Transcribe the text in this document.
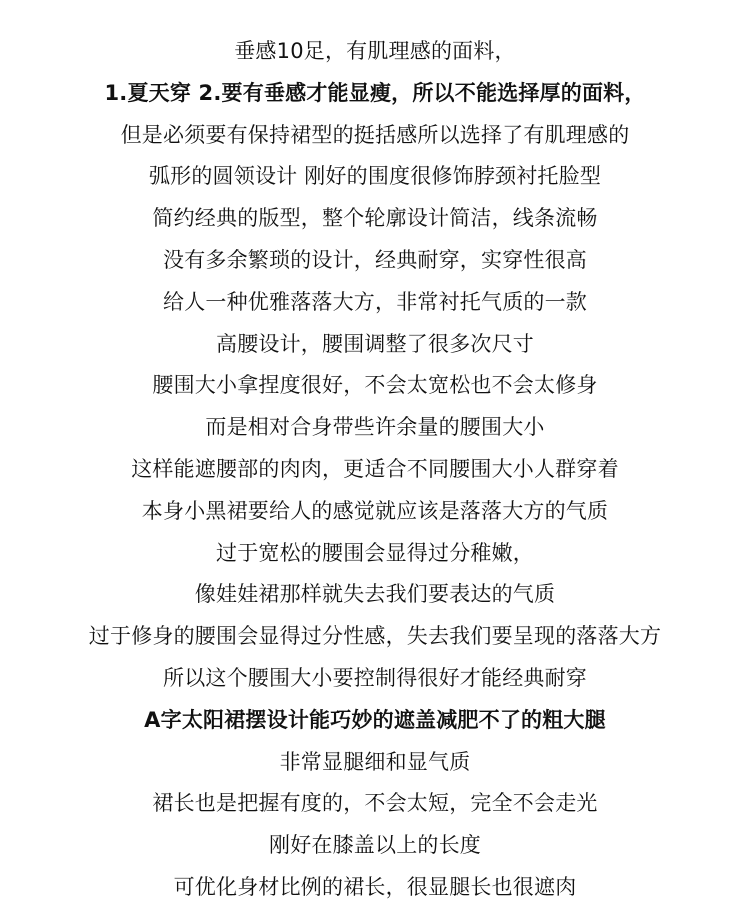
垂感10足，有肌理感的面料，
1.夏天穿 2.要有垂感才能显瘦，所以不能选择厚的面料，
但是必须要有保持裙型的挺括感所以选择了有肌理感的
弧形的圆领设计 刚好的围度很修饰脖颈衬托脸型
简约经典的版型，整个轮廓设计简洁，线条流畅
没有多余繁琐的设计，经典耐穿，实穿性很高
给人一种优雅落落大方，非常衬托气质的一款
高腰设计，腰围调整了很多次尺寸
腰围大小拿捏度很好，不会太宽松也不会太修身
而是相对合身带些许余量的腰围大小
这样能遮腰部的肉肉，更适合不同腰围大小人群穿着
本身小黑裙要给人的感觉就应该是落落大方的气质
过于宽松的腰围会显得过分稚嫩，
像娃娃裙那样就失去我们要表达的气质
过于修身的腰围会显得过分性感，失去我们要呈现的落落大方
所以这个腰围大小要控制得很好才能经典耐穿
A字太阳裙摆设计能巧妙的遮盖减肥不了的粗大腿
非常显腿细和显气质
裙长也是把握有度的，不会太短，完全不会走光
刚好在膝盖以上的长度
可优化身材比例的裙长，很显腿长也很遮肉
